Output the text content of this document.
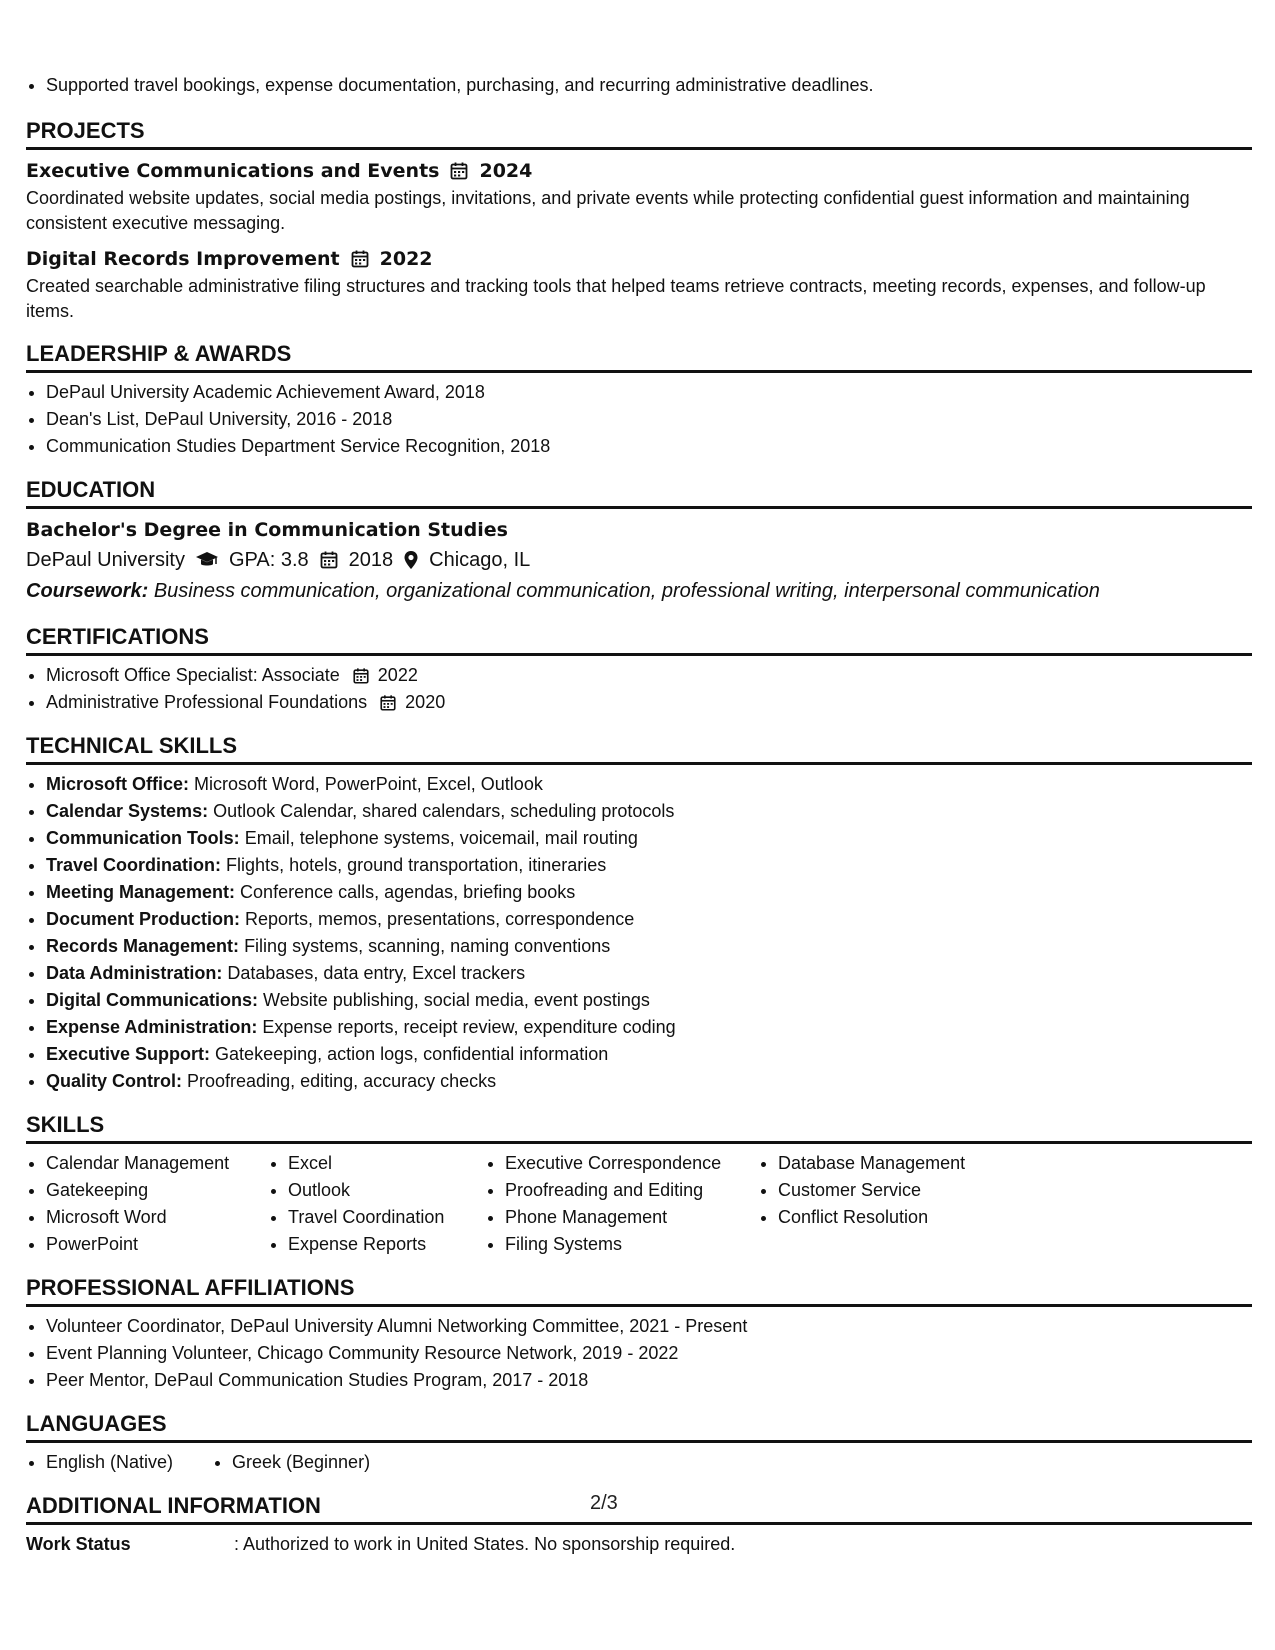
• Supported travel bookings, expense documentation, purchasing, and recurring administrative deadlines.
PROJECTS
Executive Communications and Events 2024
Coordinated website updates, social media postings, invitations, and private events while protecting confidential guest information and maintaining consistent executive messaging.
Digital Records Improvement 2022
Created searchable administrative filing structures and tracking tools that helped teams retrieve contracts, meeting records, expenses, and follow-up items.
LEADERSHIP & AWARDS
• DePaul University Academic Achievement Award, 2018
• Dean's List, DePaul University, 2016 - 2018
• Communication Studies Department Service Recognition, 2018
EDUCATION
Bachelor's Degree in Communication Studies
DePaul University GPA: 3.8 2018 Chicago, IL
Coursework: Business communication, organizational communication, professional writing, interpersonal communication
CERTIFICATIONS
• Microsoft Office Specialist: Associate 2022
• Administrative Professional Foundations 2020
TECHNICAL SKILLS
• Microsoft Office: Microsoft Word, PowerPoint, Excel, Outlook
• Calendar Systems: Outlook Calendar, shared calendars, scheduling protocols
• Communication Tools: Email, telephone systems, voicemail, mail routing
• Travel Coordination: Flights, hotels, ground transportation, itineraries
• Meeting Management: Conference calls, agendas, briefing books
• Document Production: Reports, memos, presentations, correspondence
• Records Management: Filing systems, scanning, naming conventions
• Data Administration: Databases, data entry, Excel trackers
• Digital Communications: Website publishing, social media, event postings
• Expense Administration: Expense reports, receipt review, expenditure coding
• Executive Support: Gatekeeping, action logs, confidential information
• Quality Control: Proofreading, editing, accuracy checks
SKILLS
• Calendar Management
• Gatekeeping
• Microsoft Word
• PowerPoint
• Excel
• Outlook
• Travel Coordination
• Expense Reports
• Executive Correspondence
• Proofreading and Editing
• Phone Management
• Filing Systems
• Database Management
• Customer Service
• Conflict Resolution
PROFESSIONAL AFFILIATIONS
• Volunteer Coordinator, DePaul University Alumni Networking Committee, 2021 - Present
• Event Planning Volunteer, Chicago Community Resource Network, 2019 - 2022
• Peer Mentor, DePaul Communication Studies Program, 2017 - 2018
LANGUAGES
• English (Native)
•	Greek (Beginner)
ADDITIONAL INFORMATION
Work Status	: Authorized to work in United States. No sponsorship required.
2/3
